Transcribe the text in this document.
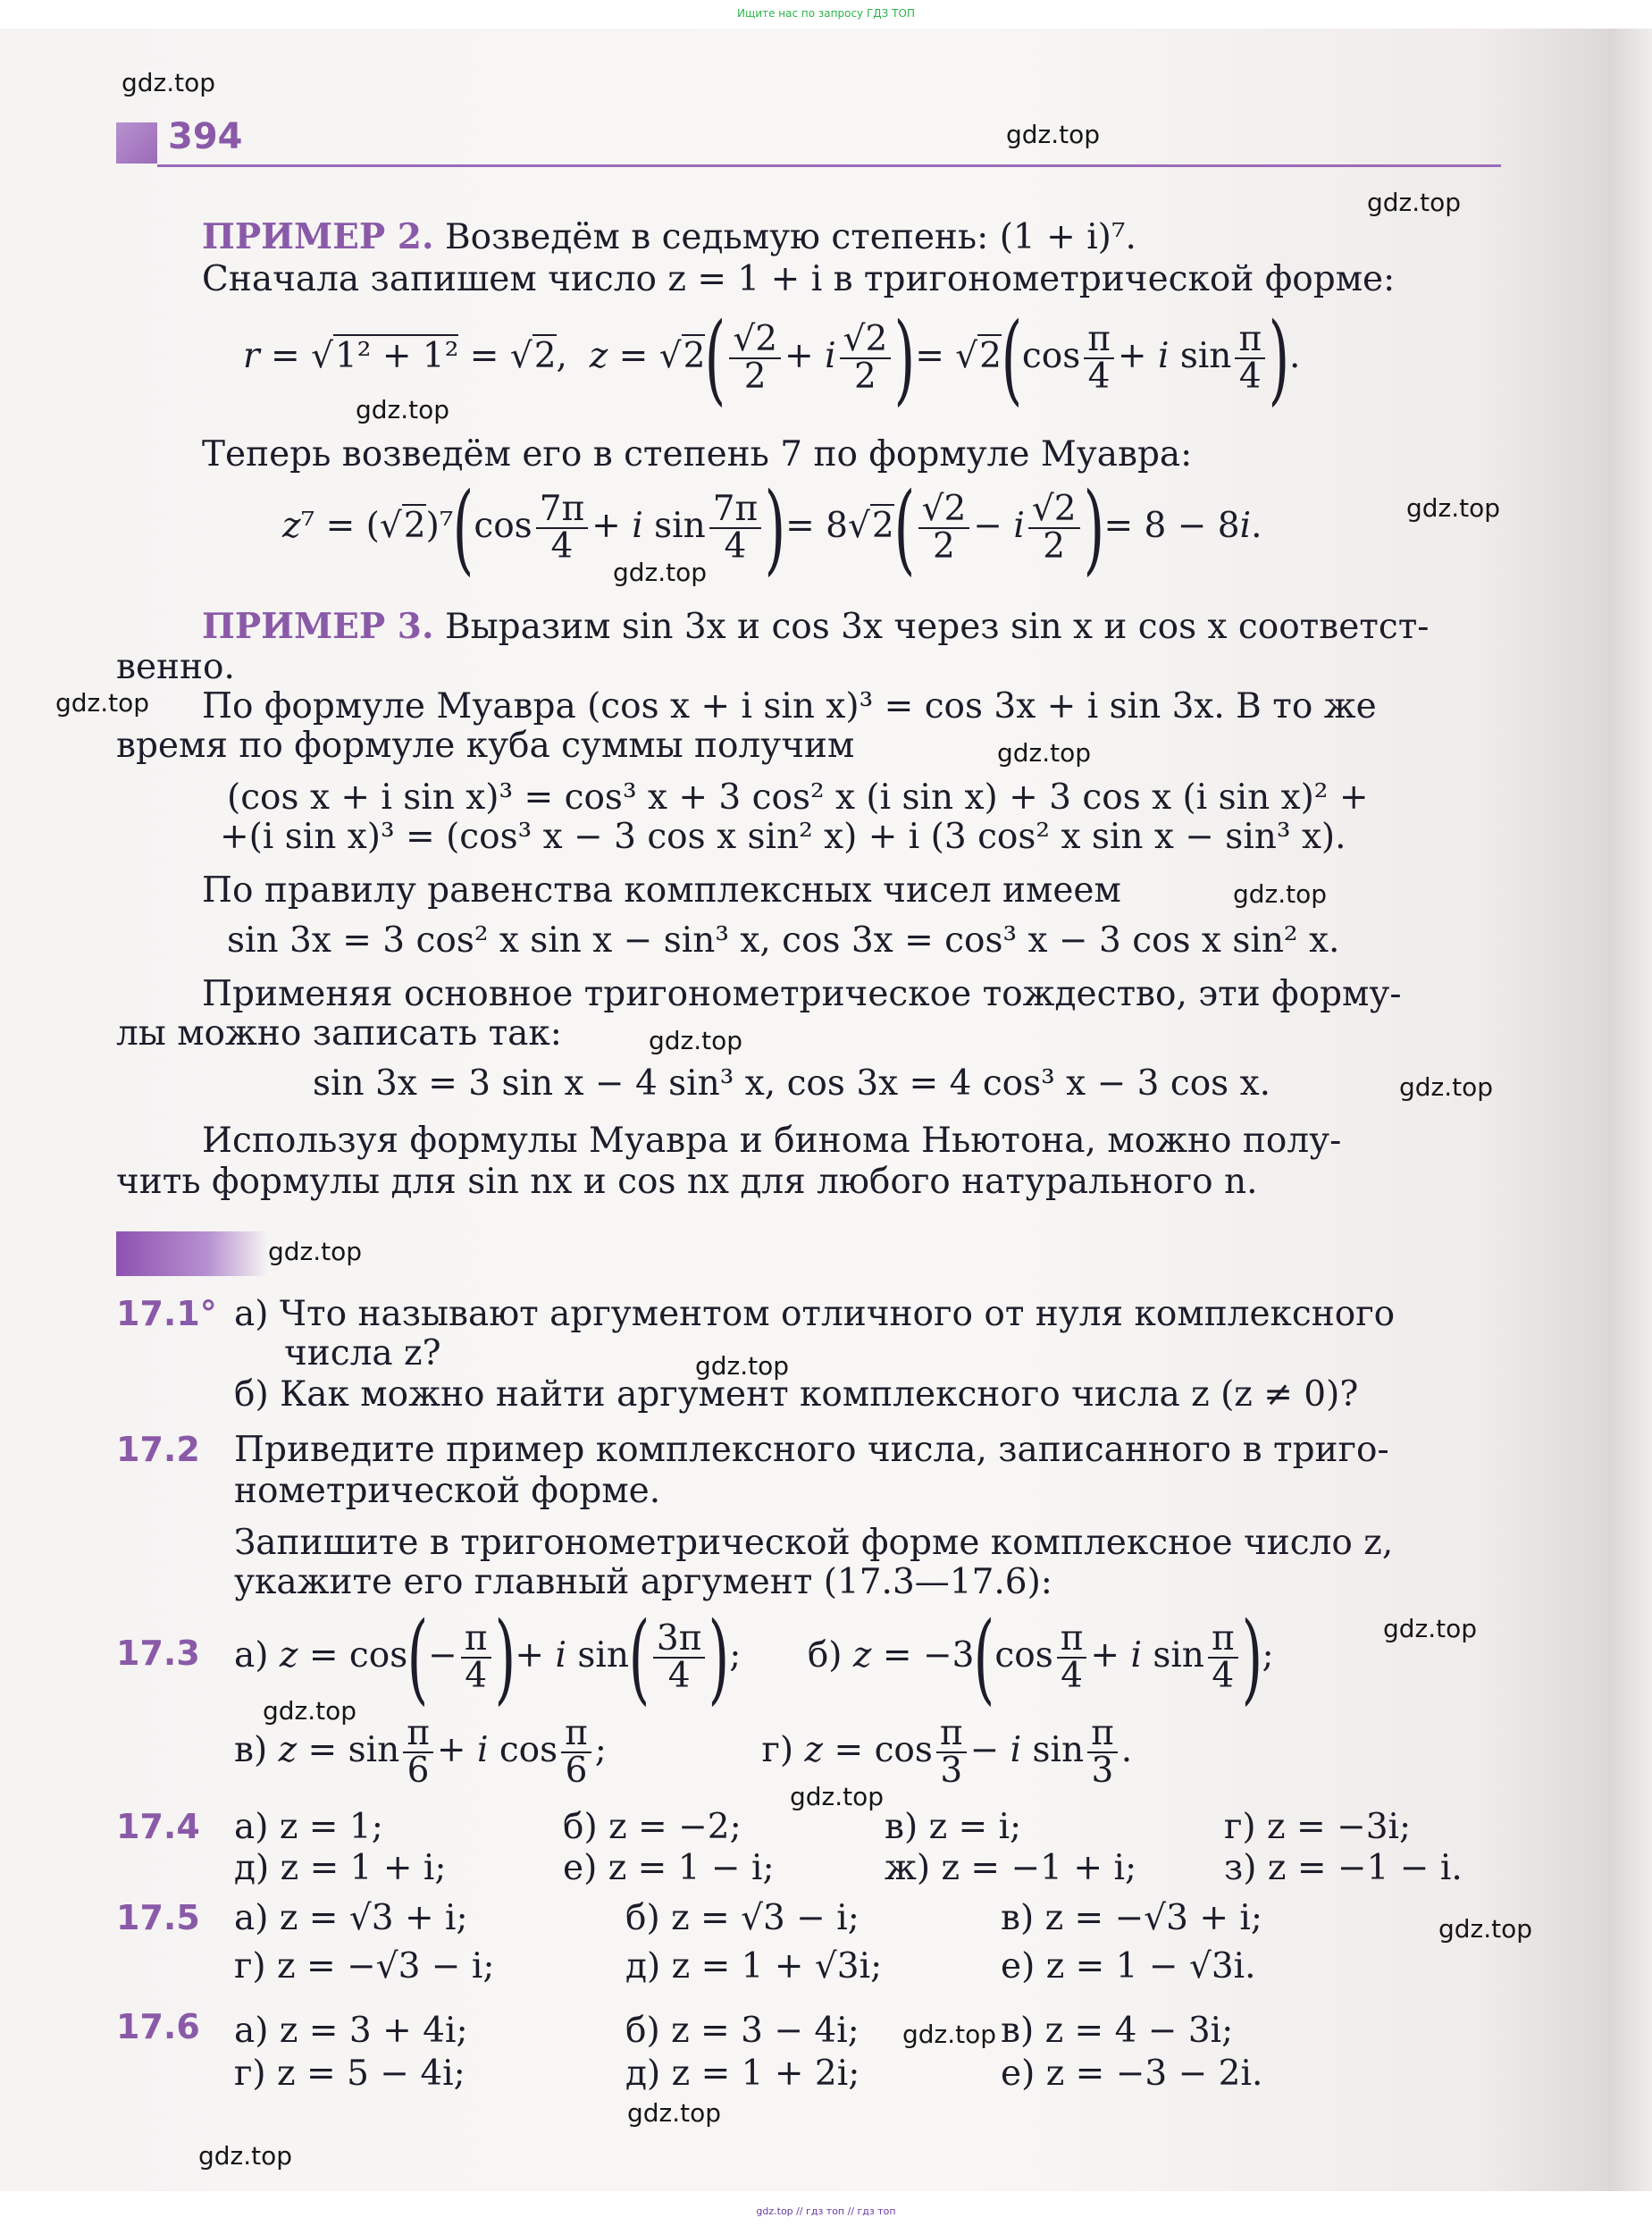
Ищите нас по запросу ГДЗ ТОП
gdz.top // гдз топ // гдз топ
394
gdz.top
gdz.top
gdz.top
gdz.top
gdz.top
gdz.top
gdz.top
gdz.top
gdz.top
gdz.top
gdz.top
gdz.top
gdz.top
gdz.top
gdz.top
gdz.top
gdz.top
gdz.top
gdz.top
gdz.top
ПРИМЕР 2. Возведём в седьмую степень: (1 + i)⁷.
Сначала запишем число z = 1 + i в тригонометрической форме:
r = √1² + 1² = √2,  $z = √2( \frac{√2}{2} + i \frac{√2}{2}$ )= $√2(\cos \frac{\pi}{4} + i$ $\sin \frac{\pi}{4}$ ).
Теперь возведём его в степень 7 по формуле Муавра:
$z^7 = (√2)^7(\cos \frac{7\pi}{4} + i$ $\sin \frac{7\pi}{4}$ )= $8√2( \frac{√2}{2} - i \frac{√2}{2}$ )= 8 − 8i.
ПРИМЕР 3. Выразим sin 3x и cos 3x через sin x и cos x соответст-
венно.
По формуле Муавра (cos x + i sin x)³ = cos 3x + i sin 3x. В то же
время по формуле куба суммы получим
(cos x + i sin x)³ = cos³ x + 3 cos² x (i sin x) + 3 cos x (i sin x)² +
+(i sin x)³ = (cos³ x − 3 cos x sin² x) + i (3 cos² x sin x − sin³ x).
По правилу равенства комплексных чисел имеем
sin 3x = 3 cos² x sin x − sin³ x, cos 3x = cos³ x − 3 cos x sin² x.
Применяя основное тригонометрическое тождество, эти форму-
лы можно записать так:
sin 3x = 3 sin x − 4 sin³ x, cos 3x = 4 cos³ x − 3 cos x.
Используя формулы Муавра и бинома Ньютона, можно полу-
чить формулы для sin nx и cos nx для любого натурального n.
17.1° а) Что называют аргументом отличного от нуля комплексного
числа z?
б) Как можно найти аргумент комплексного числа z (z ≠ 0)?
17.2 Приведите пример комплексного числа, записанного в триго-
нометрической форме.
Запишите в тригонометрической форме комплексное число z,
укажите его главный аргумент (17.3—17.6):
17.3 а) $z = \cos(- \frac{\pi}{4}$ )+ i $\sin( \frac{3\pi}{4}$ );      б) $z = -3(\cos \frac{\pi}{4} + i$ $\sin \frac{\pi}{4}$ );
в) $z = \sin \frac{\pi}{6} + i$ $\cos \frac{\pi}{6}$ ;              г) $z = \cos \frac{\pi}{3} - i$ $\sin \frac{\pi}{3}$ .
17.4 а) z = 1;	б) z = −2;	в) z = i;	г) z = −3i;
д) z = 1 + i;	е) z = 1 − i;	ж) z = −1 + i;	з) z = −1 − i.
17.5 а) z = √3 + i;	б) z = √3 − i;	в) z = −√3 + i;
г) z = −√3 − i;	д) z = 1 + √3i;	е) z = 1 − √3i.
17.6 а) z = 3 + 4i;	б) z = 3 − 4i;	в) z = 4 − 3i;
г) z = 5 − 4i;	д) z = 1 + 2i;	е) z = −3 − 2i.
